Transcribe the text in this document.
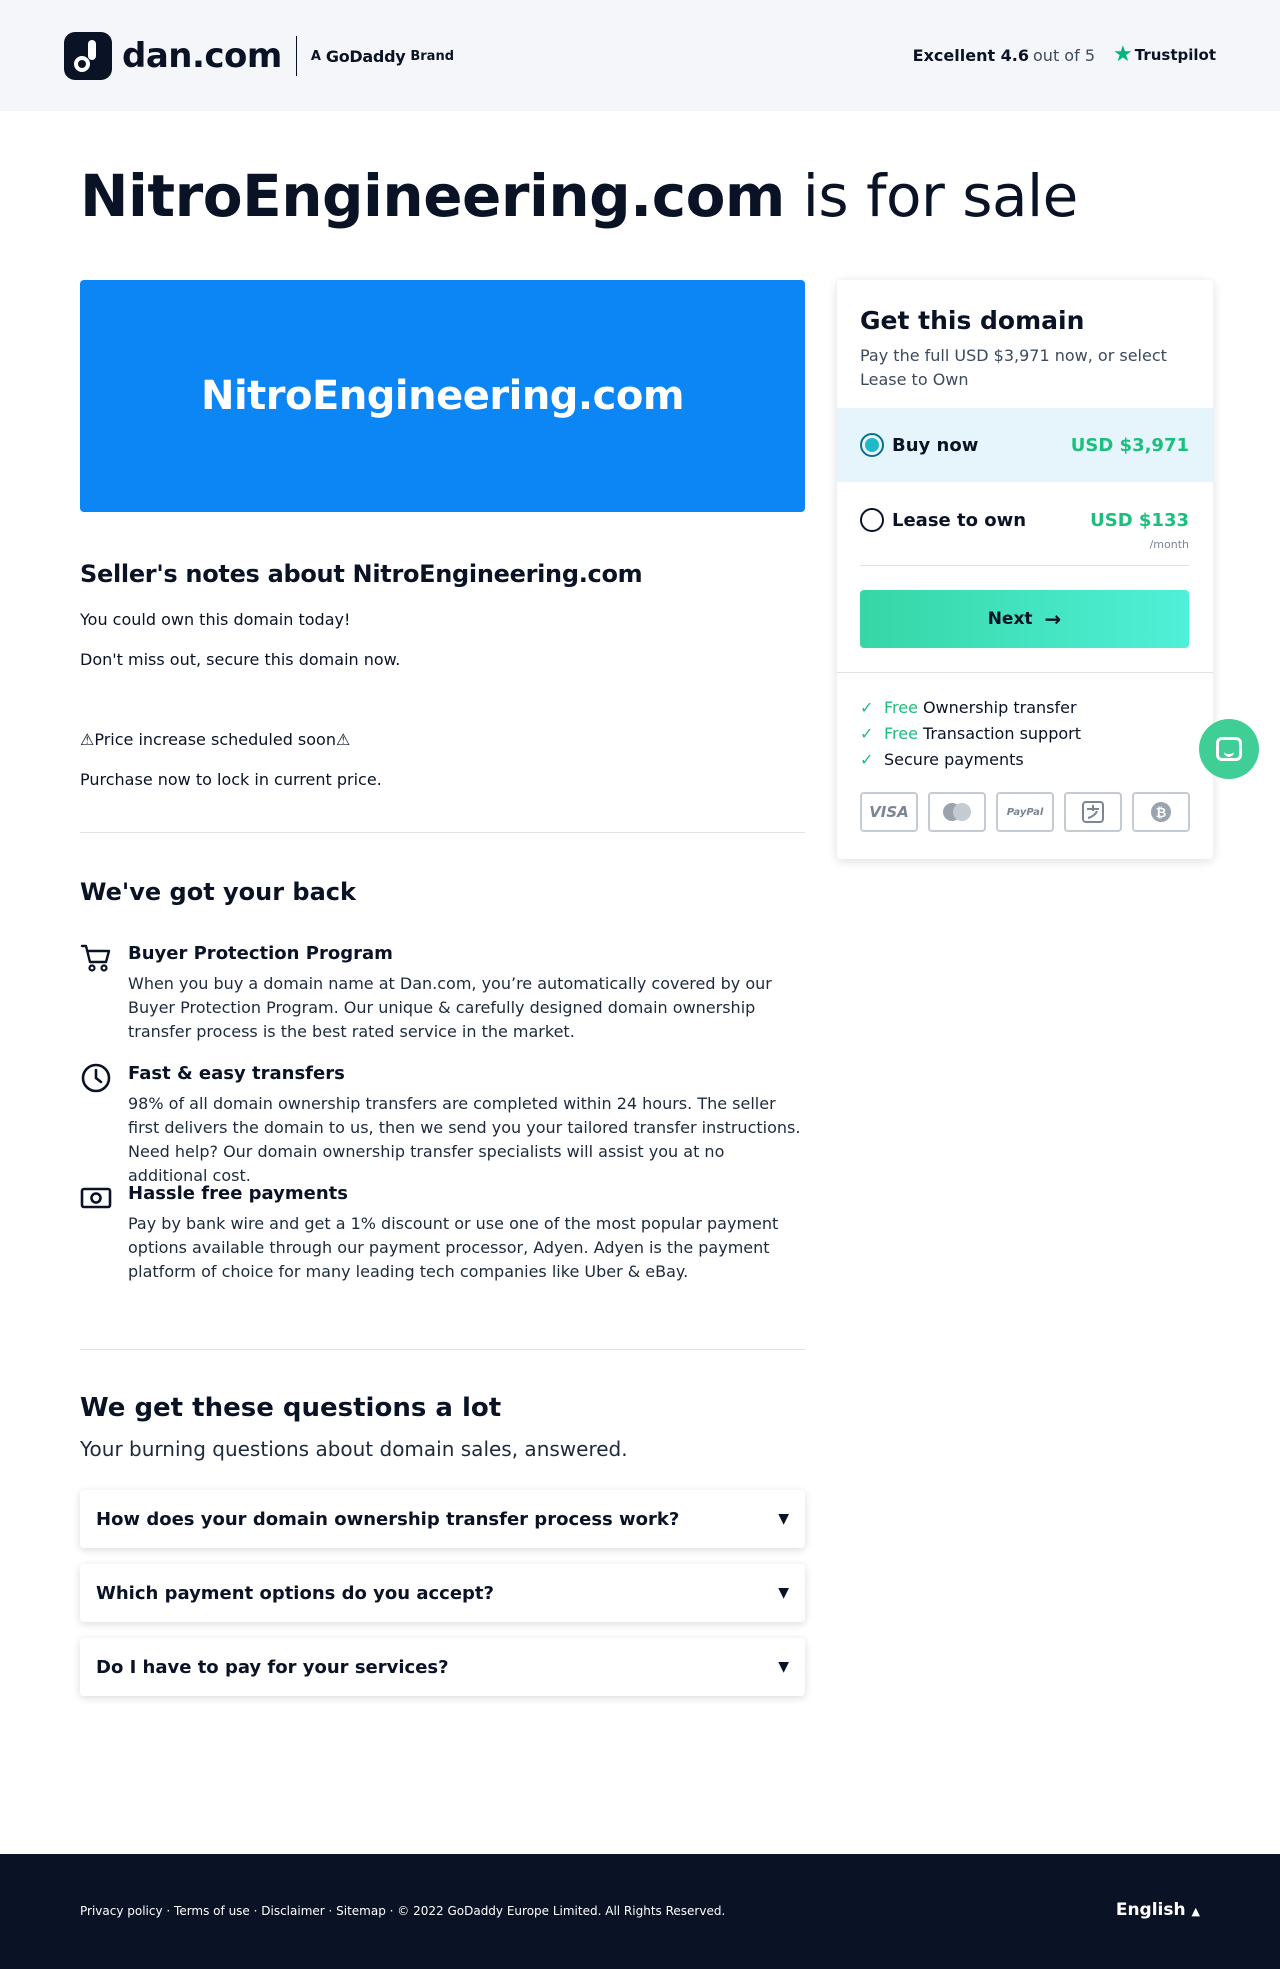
dan.com A GoDaddy Brand	Excellent 4.6 out of 5 ★ Trustpilot
NitroEngineering.com is for sale
NitroEngineering.com
Seller's notes about NitroEngineering.com

You could own this domain today!

Don't miss out, secure this domain now.

⚠Price increase scheduled soon⚠

Purchase now to lock in current price.

We've got your back
Buyer Protection Program
When you buy a domain name at Dan.com, you’re automatically covered by our Buyer Protection Program. Our unique & carefully designed domain ownership transfer process is the best rated service in the market.
Fast & easy transfers
98% of all domain ownership transfers are completed within 24 hours. The seller first delivers the domain to us, then we send you your tailored transfer instructions. Need help? Our domain ownership transfer specialists will assist you at no additional cost.
Hassle free payments
Pay by bank wire and get a 1% discount or use one of the most popular payment options available through our payment processor, Adyen. Adyen is the payment platform of choice for many leading tech companies like Uber & eBay.
We get these questions a lot

Your burning questions about domain sales, answered.

How does your domain ownership transfer process work?	▼
Which payment options do you accept?	▼
Do I have to pay for your services?	▼
Get this domain

Pay the full USD $3,971 now, or select Lease to Own

Buy now	USD $3,971
Lease to own	USD $133
/month
Next →
✓ Free Ownership transfer
✓ Free Transaction support
✓ Secure payments
VISA	PayPal	₿
Privacy policy · Terms of use · Disclaimer · Sitemap · © 2022 GoDaddy Europe Limited. All Rights Reserved.	English ▲
